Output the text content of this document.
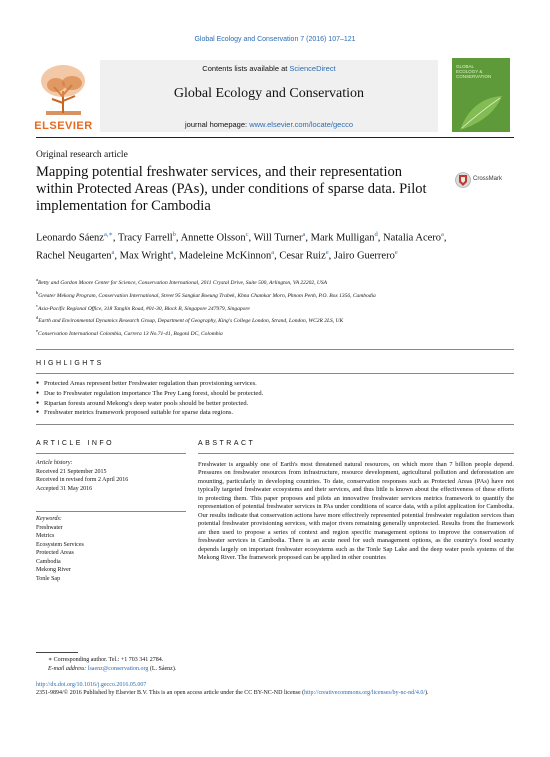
Global Ecology and Conservation 7 (2016) 107–121
ELSEVIER
Contents lists available at ScienceDirect
Global Ecology and Conservation
journal homepage: www.elsevier.com/locate/gecco
GLOBAL
ECOLOGY &
CONSERVATION
Original research article
Mapping potential freshwater services, and their representation within Protected Areas (PAs), under conditions of sparse data. Pilot implementation for Cambodia
CrossMark
Leonardo Sáenz$^{a,∗}$, Tracy Farrell$^b$, Annette Olsson$^c$, Will Turner$^a$, Mark Mulligan$^d$, Natalia Acero$^a$, Rachel Neugarten$^a$, Max Wright$^a$, Madeleine McKinnon$^a$, Cesar Ruiz$^e$, Jairo Guerrero$^e$
$^a$Betty and Gordon Moore Center for Science, Conservation International, 2011 Crystal Drive, Suite 500, Arlington, VA 22202, USA
$^b$Greater Mekong Program, Conservation International, Street 95 Sangkat Boeung Trabek, Khna Chamkar Morn, Phnom Penh, P.O. Box 1356, Cambodia
$^c$Asia-Pacific Regional Office, 318 Tanglin Road, #01-30, Block B, Singapore 247979, Singapore
$^d$Earth and Environmental Dynamics Research Group, Department of Geography, King's College London, Strand, London, WC2R 2LS, UK
$^e$Conservation International Colombia, Carrera 13 No.71-41, Bogotá DC, Colombia
HIGHLIGHTS
● Protected Areas represent better Freshwater regulation than provisioning services.
● Due to Freshwater regulation importance The Prey Lang forest, should be protected.
● Riparian forests around Mekong's deep water pools should be better protected.
● Freshwater metrics framework proposed suitable for sparse data regions.
ARTICLE INFO	ABSTRACT
Article history:
Received 21 September 2015
Received in revised form 2 April 2016
Accepted 31 May 2016
Keywords:
Freshwater
Metrics
Ecosystem Services
Protected Areas
Cambodia
Mekong River
Tonle Sap
Freshwater is arguably one of Earth's most threatened natural resources, on which more than 7 billion people depend. Pressures on freshwater resources from infrastructure, resource development, agricultural pollution and deforestation are mounting, particularly in developing countries. To date, conservation responses such as Protected Areas (PAs) have not typically targeted freshwater ecosystems and their services, and thus little is known about the effectiveness of these efforts in protecting them. This paper proposes and pilots an innovative freshwater services metrics framework to quantify the representation of potential freshwater services in PAs under conditions of scarce data, with a pilot application for Cambodia. Our results indicate that conservation actions have more effectively represented potential freshwater regulation services than potential freshwater provisioning services, with major rivers remaining generally unprotected. Results from the framework are then used to propose a series of context and region specific management options to improve the conservation of freshwater services in Cambodia. There is an acute need for such management options, as the country's food security depends largely on important freshwater ecosystems such as the Tonle Sap Lake and the deep water pools systems of the Mekong River. The framework proposed can be applied in other countries
∗ Corresponding author. Tel.: +1 703 341 2784.
E-mail address: lsaenz@conservation.org (L. Sáenz).
http://dx.doi.org/10.1016/j.gecco.2016.05.007
2351-9894/© 2016 Published by Elsevier B.V. This is an open access article under the CC BY-NC-ND license (http://creativecommons.org/licenses/by-nc-nd/4.0/).
